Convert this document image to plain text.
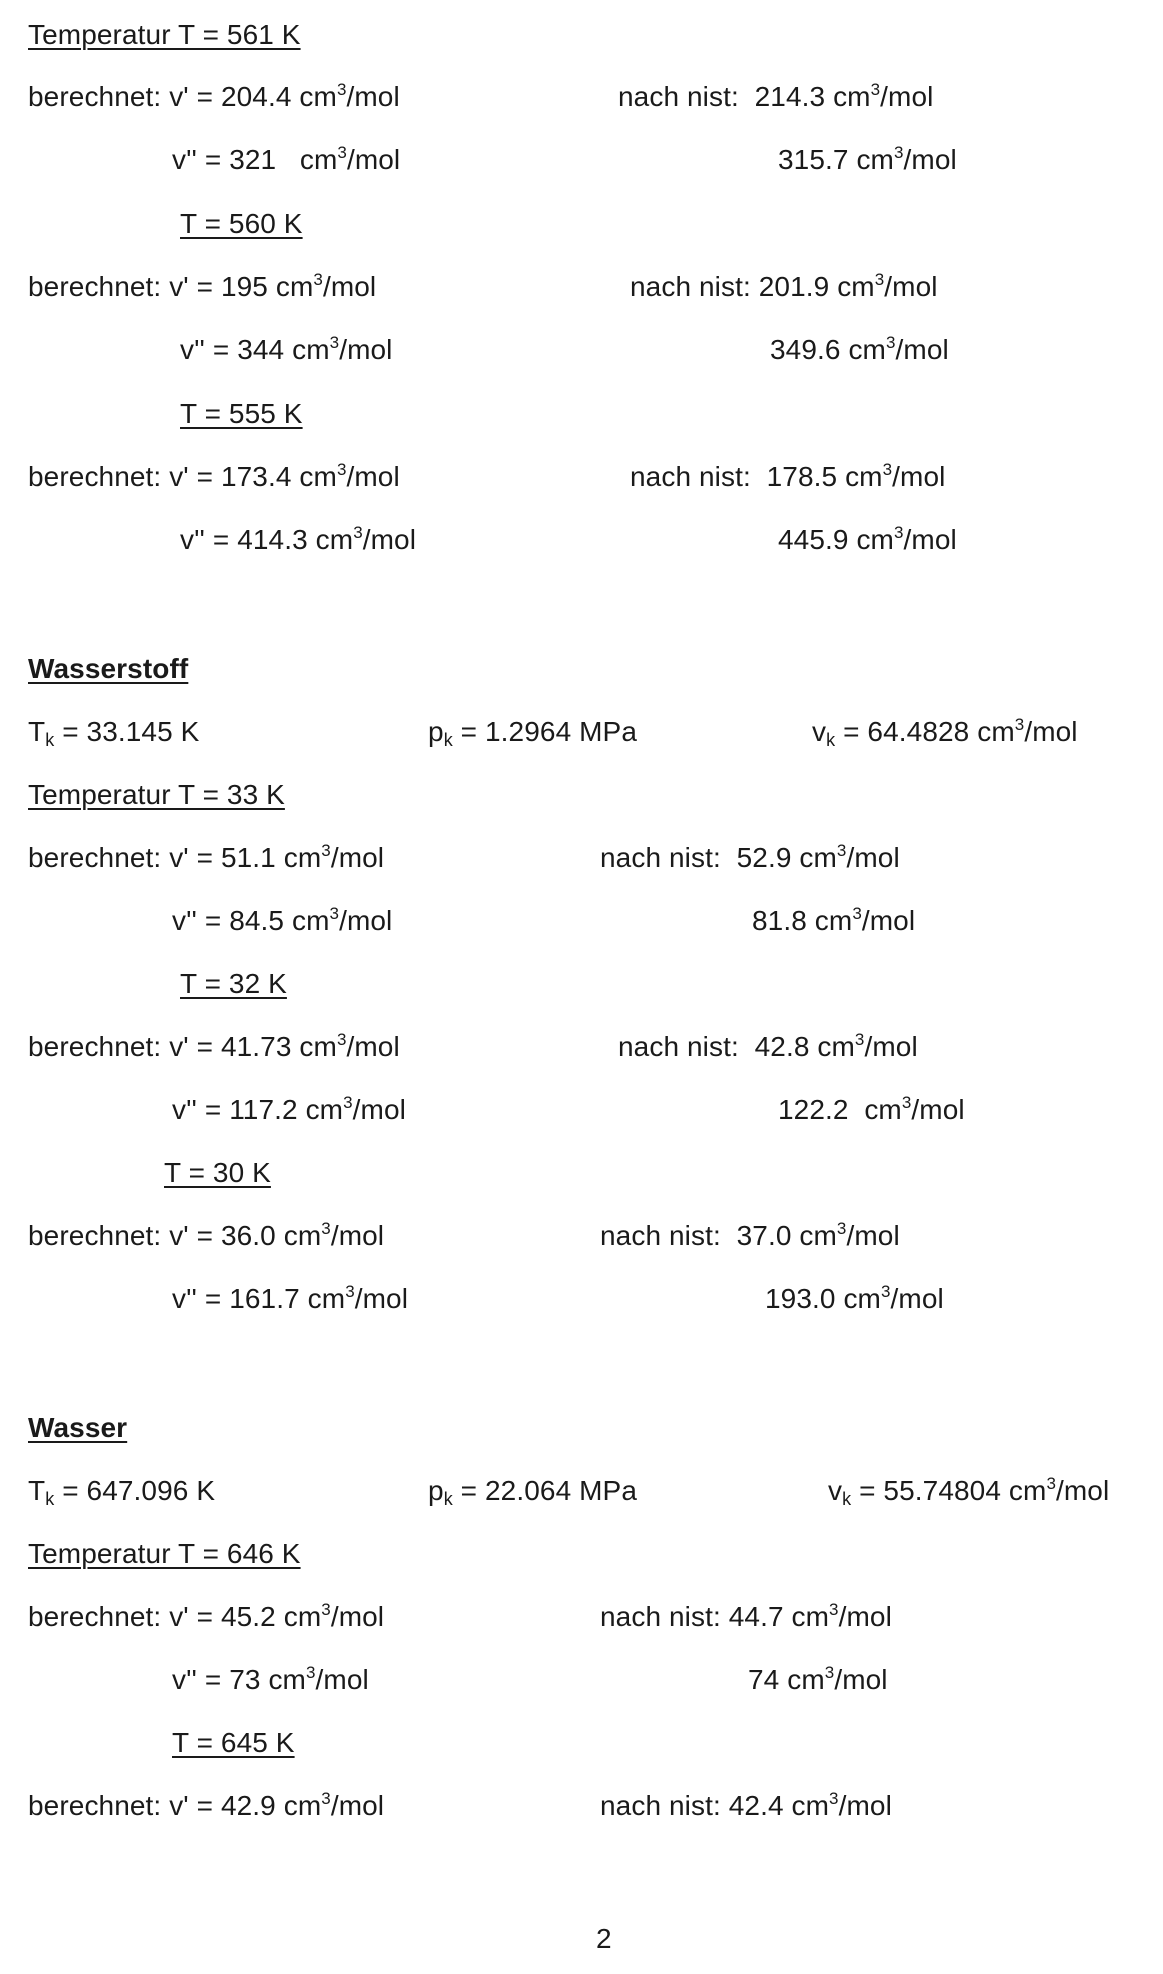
Temperatur T = 561 K
berechnet: v' = 204.4 $cm^3$/mol	nach nist:  214.3 $cm^3$/mol
v'' = 321   $cm^3$/mol	315.7 $cm^3$/mol
T = 560 K
berechnet: v' = 195 $cm^3$/mol	nach nist: 201.9 $cm^3$/mol
v'' = 344 $cm^3$/mol	349.6 $cm^3$/mol
T = 555 K
berechnet: v' = 173.4 $cm^3$/mol	nach nist:  178.5 $cm^3$/mol
v'' = 414.3 $cm^3$/mol	445.9 $cm^3$/mol
Wasserstoff
$T_k = 33.145$ K	$p_k = 1.2964$ MPa	$v_k = 64.4828$ $cm^3$/mol
Temperatur T = 33 K
berechnet: v' = 51.1 $cm^3$/mol	nach nist:  52.9 $cm^3$/mol
v'' = 84.5 $cm^3$/mol	81.8 $cm^3$/mol
T = 32 K
berechnet: v' = 41.73 $cm^3$/mol	nach nist:  42.8 $cm^3$/mol
v'' = 117.2 $cm^3$/mol	122.2  $cm^3$/mol
T = 30 K
berechnet: v' = 36.0 $cm^3$/mol	nach nist:  37.0 $cm^3$/mol
v'' = 161.7 $cm^3$/mol	193.0 $cm^3$/mol
Wasser
$T_k = 647.096$ K	$p_k = 22.064$ MPa	$v_k = 55.74804$ $cm^3$/mol
Temperatur T = 646 K
berechnet: v' = 45.2 $cm^3$/mol	nach nist: 44.7 $cm^3$/mol
v'' = 73 $cm^3$/mol	74 $cm^3$/mol
T = 645 K
berechnet: v' = 42.9 $cm^3$/mol	nach nist: 42.4 $cm^3$/mol
2
